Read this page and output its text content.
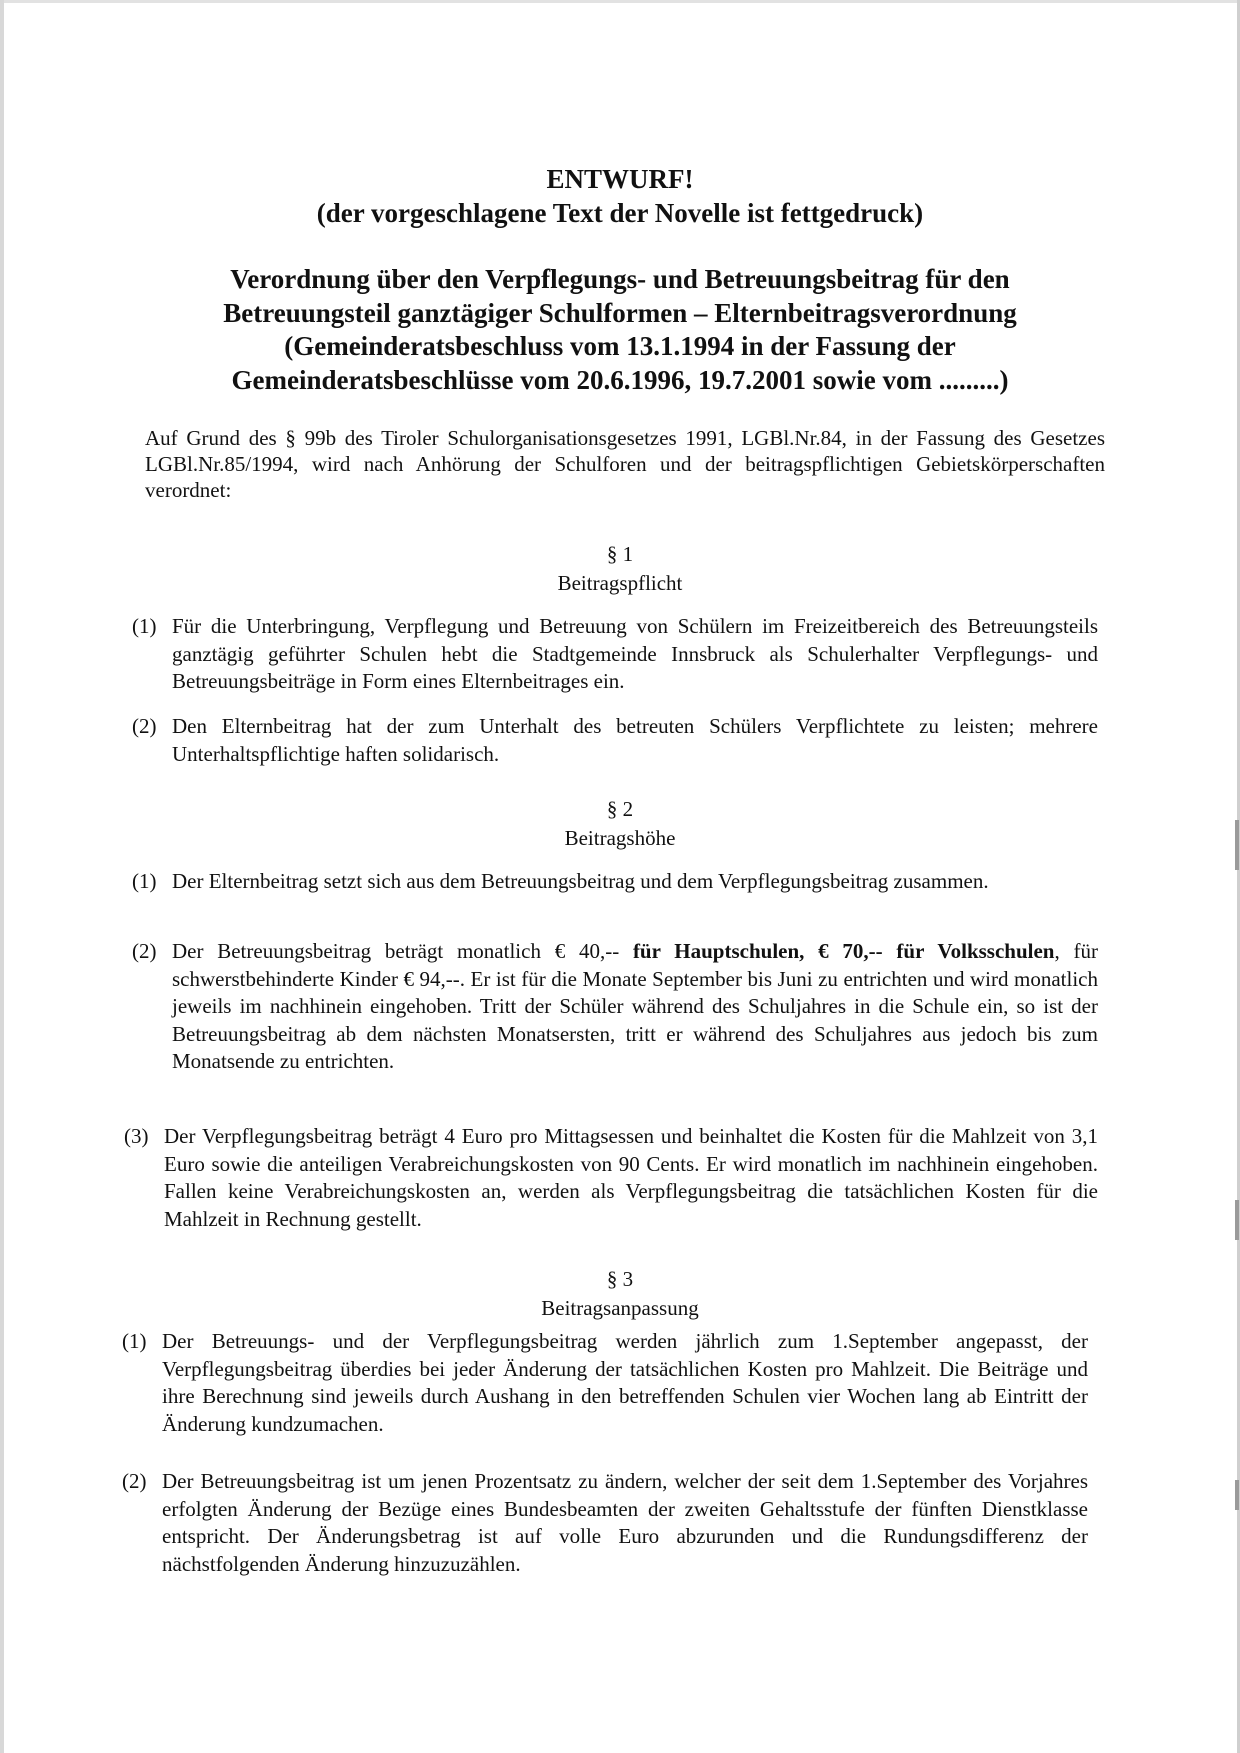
ENTWURF!
(der vorgeschlagene Text der Novelle ist fettgedruck)
Verordnung über den Verpflegungs- und Betreuungsbeitrag für den
Betreuungsteil ganztägiger Schulformen – Elternbeitragsverordnung
(Gemeinderatsbeschluss vom 13.1.1994 in der Fassung der
Gemeinderatsbeschlüsse vom 20.6.1996, 19.7.2001 sowie vom .........)
Auf Grund des § 99b des Tiroler Schulorganisationsgesetzes 1991, LGBl.Nr.84, in der Fassung des Gesetzes LGBl.Nr.85/1994, wird nach Anhörung der Schulforen und der beitragspflichtigen Gebietskörperschaften verordnet:
§ 1
Beitragspflicht
(1) Für die Unterbringung, Verpflegung und Betreuung von Schülern im Freizeitbereich des Betreuungsteils ganztägig geführter Schulen hebt die Stadtgemeinde Innsbruck als Schulerhalter Verpflegungs- und Betreuungsbeiträge in Form eines Elternbeitrages ein.
(2) Den Elternbeitrag hat der zum Unterhalt des betreuten Schülers Verpflichtete zu leisten; mehrere Unterhaltspflichtige haften solidarisch.
§ 2
Beitragshöhe
(1) Der Elternbeitrag setzt sich aus dem Betreuungsbeitrag und dem Verpflegungsbeitrag zusammen.
(2) Der Betreuungsbeitrag beträgt monatlich € 40,-- für Hauptschulen, € 70,-- für Volksschulen, für schwerstbehinderte Kinder € 94,--. Er ist für die Monate September bis Juni zu entrichten und wird monatlich jeweils im nachhinein eingehoben. Tritt der Schüler während des Schuljahres in die Schule ein, so ist der Betreuungsbeitrag ab dem nächsten Monatsersten, tritt er während des Schuljahres aus jedoch bis zum Monatsende zu entrichten.
(3) Der Verpflegungsbeitrag beträgt 4 Euro pro Mittagsessen und beinhaltet die Kosten für die Mahlzeit von 3,1 Euro sowie die anteiligen Verabreichungskosten von 90 Cents. Er wird monatlich im nachhinein eingehoben. Fallen keine Verabreichungskosten an, werden als Verpflegungsbeitrag die tatsächlichen Kosten für die Mahlzeit in Rechnung gestellt.
§ 3
Beitragsanpassung
(1) Der Betreuungs- und der Verpflegungsbeitrag werden jährlich zum 1.September angepasst, der Verpflegungsbeitrag überdies bei jeder Änderung der tatsächlichen Kosten pro Mahlzeit. Die Beiträge und ihre Berechnung sind jeweils durch Aushang in den betreffenden Schulen vier Wochen lang ab Eintritt der Änderung kundzumachen.
(2) Der Betreuungsbeitrag ist um jenen Prozentsatz zu ändern, welcher der seit dem 1.September des Vorjahres erfolgten Änderung der Bezüge eines Bundesbeamten der zweiten Gehaltsstufe der fünften Dienstklasse entspricht. Der Änderungsbetrag ist auf volle Euro abzurunden und die Rundungsdifferenz der nächstfolgenden Änderung hinzuzuzählen.
